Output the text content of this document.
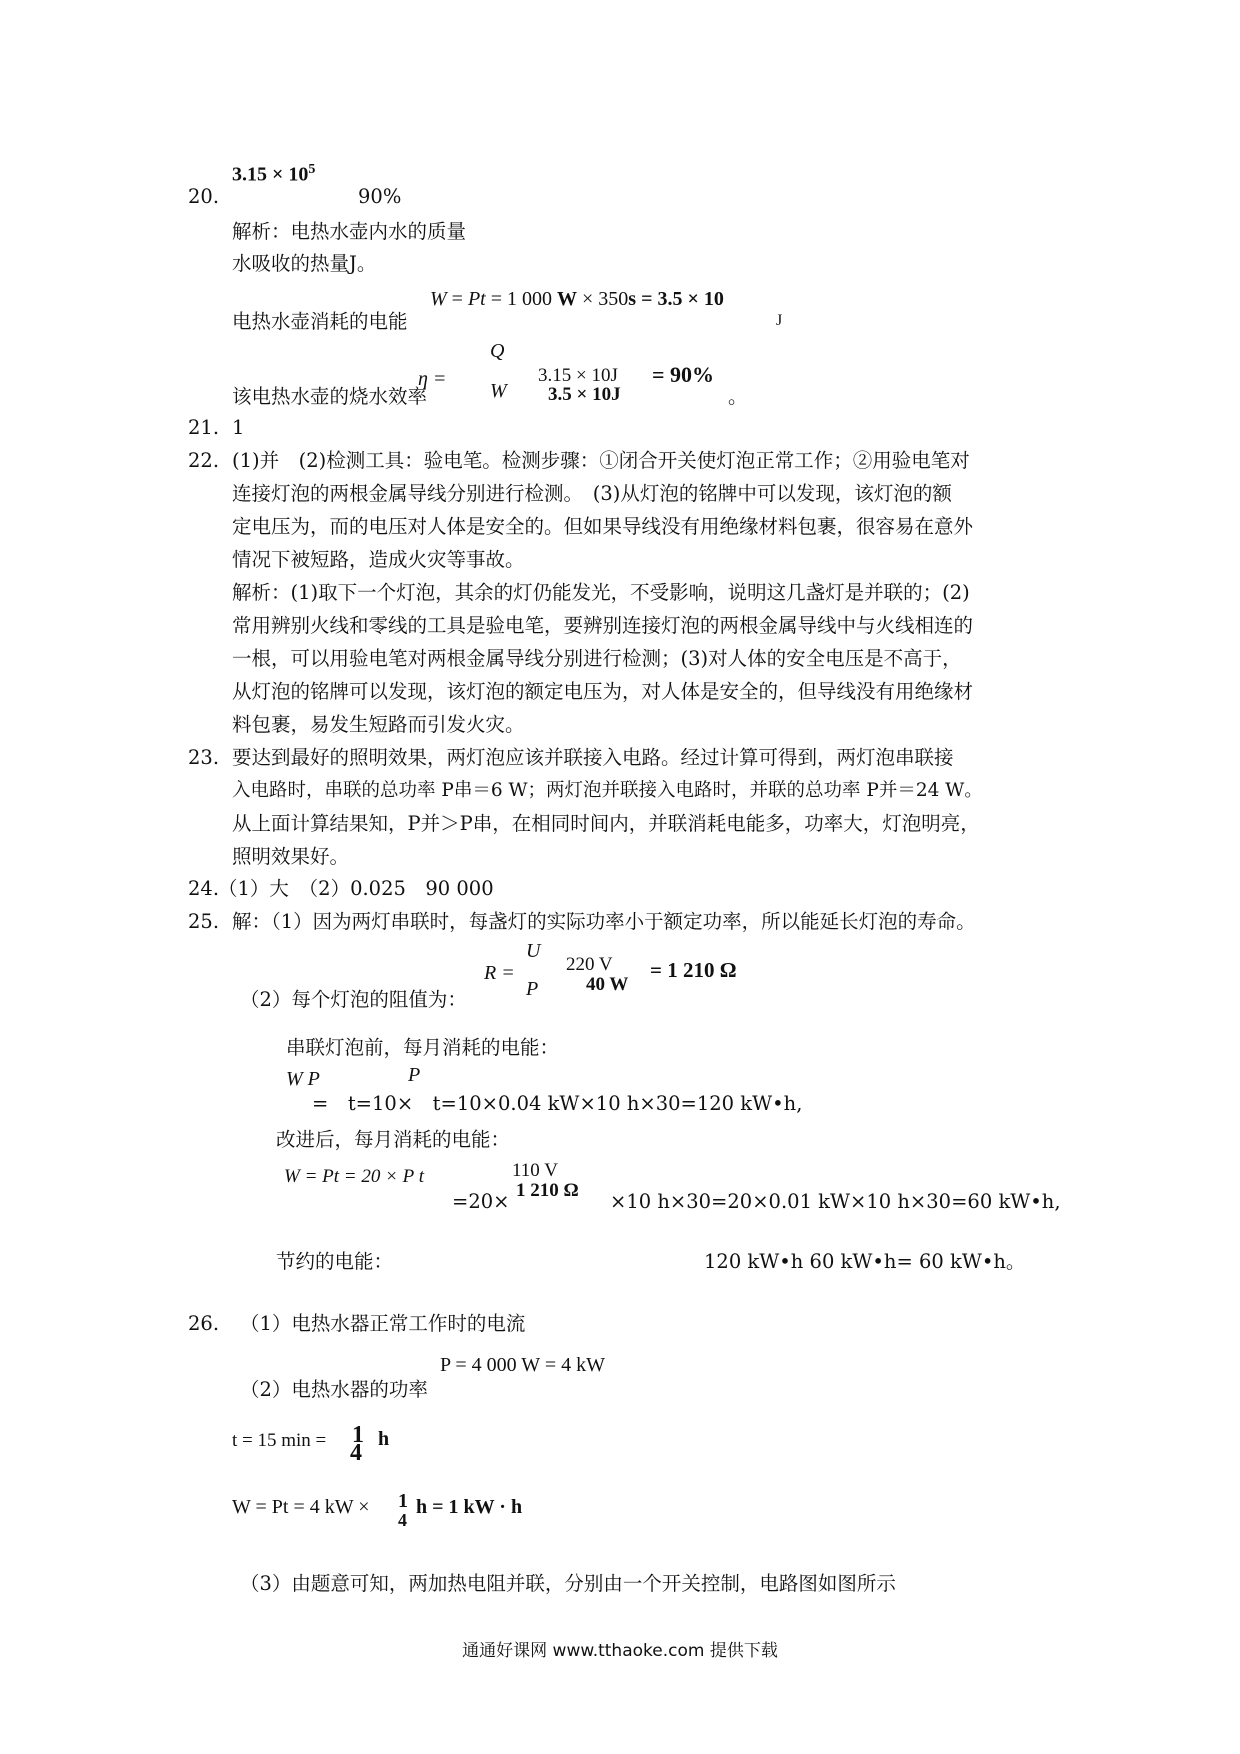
20.
$3.15 \times 10^5$
90%
解析：电热水壶内水的质量
水吸收的热量J。
W = Pt = 1 000 W × 350s = 3.5 × 10
J
电热水壶消耗的电能
η =
Q
W
3.15 × 10J
3.5 × 10J
= 90%
该电热水壶的烧水效率	。
21. 1
22. (1)并　(2)检测工具：验电笔。检测步骤：①闭合开关使灯泡正常工作；②用验电笔对
连接灯泡的两根金属导线分别进行检测。　(3)从灯泡的铭牌中可以发现，该灯泡的额
定电压为，而的电压对人体是安全的。但如果导线没有用绝缘材料包裹，很容易在意外
情况下被短路，造成火灾等事故。
解析：(1)取下一个灯泡，其余的灯仍能发光，不受影响，说明这几盏灯是并联的；(2)
常用辨别火线和零线的工具是验电笔，要辨别连接灯泡的两根金属导线中与火线相连的
一根，可以用验电笔对两根金属导线分别进行检测；(3)对人体的安全电压是不高于，
从灯泡的铭牌可以发现，该灯泡的额定电压为，对人体是安全的，但导线没有用绝缘材
料包裹，易发生短路而引发火灾。
23. 要达到最好的照明效果，两灯泡应该并联接入电路。经过计算可得到，两灯泡串联接
入电路时，串联的总功率 P串＝6 W；两灯泡并联接入电路时，并联的总功率 P并＝24 W。
从上面计算结果知，P并＞P串，在相同时间内，并联消耗电能多，功率大，灯泡明亮，
照明效果好。
24.
（1）大　（2）0.025　90 000
25. 解：（1）因为两灯串联时，每盏灯的实际功率小于额定功率，所以能延长灯泡的寿命。
R =
U
P
220 V
40 W
= 1 210 Ω
（2）每个灯泡的阻值为：
串联灯泡前，每月消耗的电能：
W P	P
=　t=10×　t=10×0.04 kW×10 h×30=120 kW•h,
改进后，每月消耗的电能：
W = Pt = 20 × P t	110 V
=20× 1 210 Ω ×10 h×30=20×0.01 kW×10 h×30=60 kW•h,
节约的电能：	120 kW•h 60 kW•h= 60 kW•h。
26. （1）电热水器正常工作时的电流
P = 4 000 W = 4 kW
（2）电热水器的功率
t = 15 min = 1
4
h
W = Pt = 4 kW × 1
4
h = 1 kW · h
（3）由题意可知，两加热电阻并联，分别由一个开关控制，电路图如图所示
通通好课网 www.tthaoke.com 提供下载
